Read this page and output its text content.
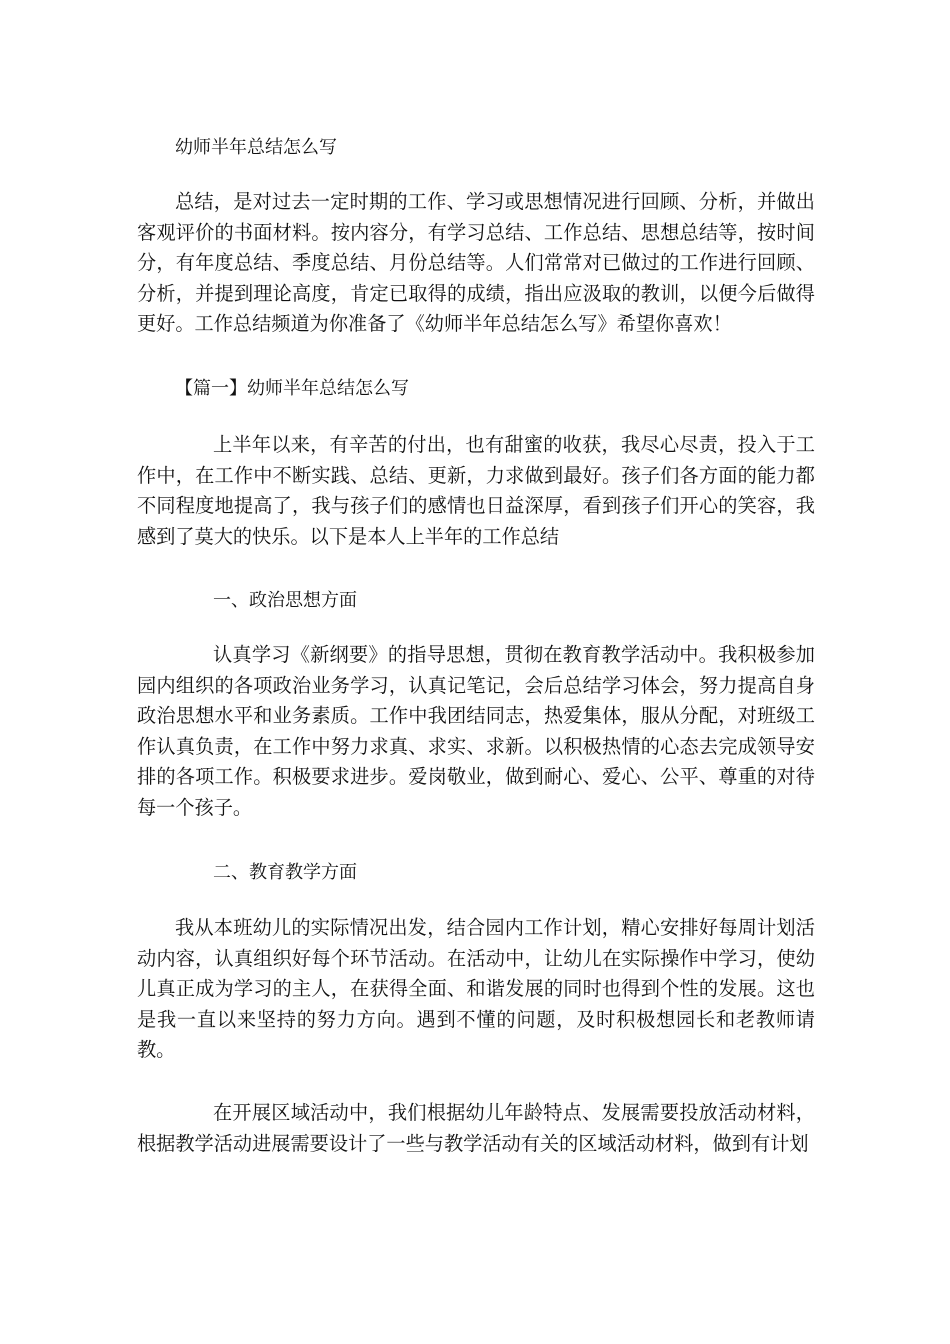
幼师半年总结怎么写

总结，是对过去一定时期的工作、学习或思想情况进行回顾、分析，并做出客观评价的书面材料。按内容分，有学习总结、工作总结、思想总结等，按时间分，有年度总结、季度总结、月份总结等。人们常常对已做过的工作进行回顾、分析，并提到理论高度，肯定已取得的成绩，指出应汲取的教训，以便今后做得更好。工作总结频道为你准备了《幼师半年总结怎么写》希望你喜欢！

【篇一】幼师半年总结怎么写

上半年以来，有辛苦的付出，也有甜蜜的收获，我尽心尽责，投入于工作中，在工作中不断实践、总结、更新，力求做到最好。孩子们各方面的能力都不同程度地提高了，我与孩子们的感情也日益深厚，看到孩子们开心的笑容，我感到了莫大的快乐。以下是本人上半年的工作总结

一、政治思想方面

认真学习《新纲要》的指导思想，贯彻在教育教学活动中。我积极参加园内组织的各项政治业务学习，认真记笔记，会后总结学习体会，努力提高自身政治思想水平和业务素质。工作中我团结同志，热爱集体，服从分配，对班级工作认真负责，在工作中努力求真、求实、求新。以积极热情的心态去完成领导安排的各项工作。积极要求进步。爱岗敬业，做到耐心、爱心、公平、尊重的对待每一个孩子。

二、教育教学方面

我从本班幼儿的实际情况出发，结合园内工作计划，精心安排好每周计划活动内容，认真组织好每个环节活动。在活动中，让幼儿在实际操作中学习，使幼儿真正成为学习的主人，在获得全面、和谐发展的同时也得到个性的发展。这也是我一直以来坚持的努力方向。遇到不懂的问题，及时积极想园长和老教师请教。

在开展区域活动中，我们根据幼儿年龄特点、发展需要投放活动材料，根据教学活动进展需要设计了一些与教学活动有关的区域活动材料，做到有计划
